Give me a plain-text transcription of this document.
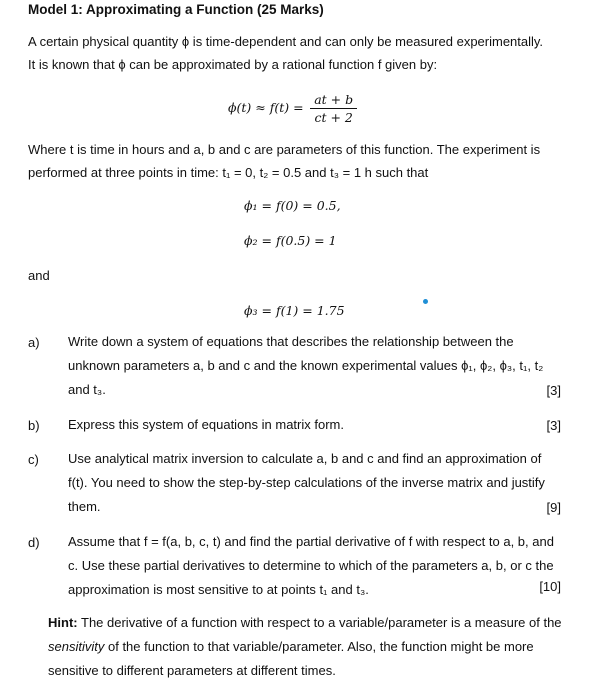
Model 1: Approximating a Function (25 Marks)
A certain physical quantity ϕ is time-dependent and can only be measured experimentally.
It is known that ϕ can be approximated by a rational function f given by:
$\phi(t) \approx f(t) = \frac{at + b}{ct + 2}$
Where t is time in hours and a, b and c are parameters of this function. The experiment is
performed at three points in time: t₁ = 0, t₂ = 0.5 and t₃ = 1 h such that
ϕ₁ = f(0) = 0.5,
ϕ₂ = f(0.5) = 1
and
ϕ₃ = f(1) = 1.75
a) Write down a system of equations that describes the relationship between the unknown parameters a, b and c and the known experimental values ϕ₁, ϕ₂, ϕ₃, t₁, t₂ and t₃.	[3]
b) Express this system of equations in matrix form.	[3]
c) Use analytical matrix inversion to calculate a, b and c and find an approximation of f(t). You need to show the step-by-step calculations of the inverse matrix and justify them.	[9]
d) Assume that f = f(a, b, c, t) and find the partial derivative of f with respect to a, b, and c. Use these partial derivatives to determine to which of the parameters a, b, or c the approximation is most sensitive to at points t₁ and t₃.	[10]
Hint: The derivative of a function with respect to a variable/parameter is a measure of the sensitivity of the function to that variable/parameter. Also, the function might be more sensitive to different parameters at different times.
